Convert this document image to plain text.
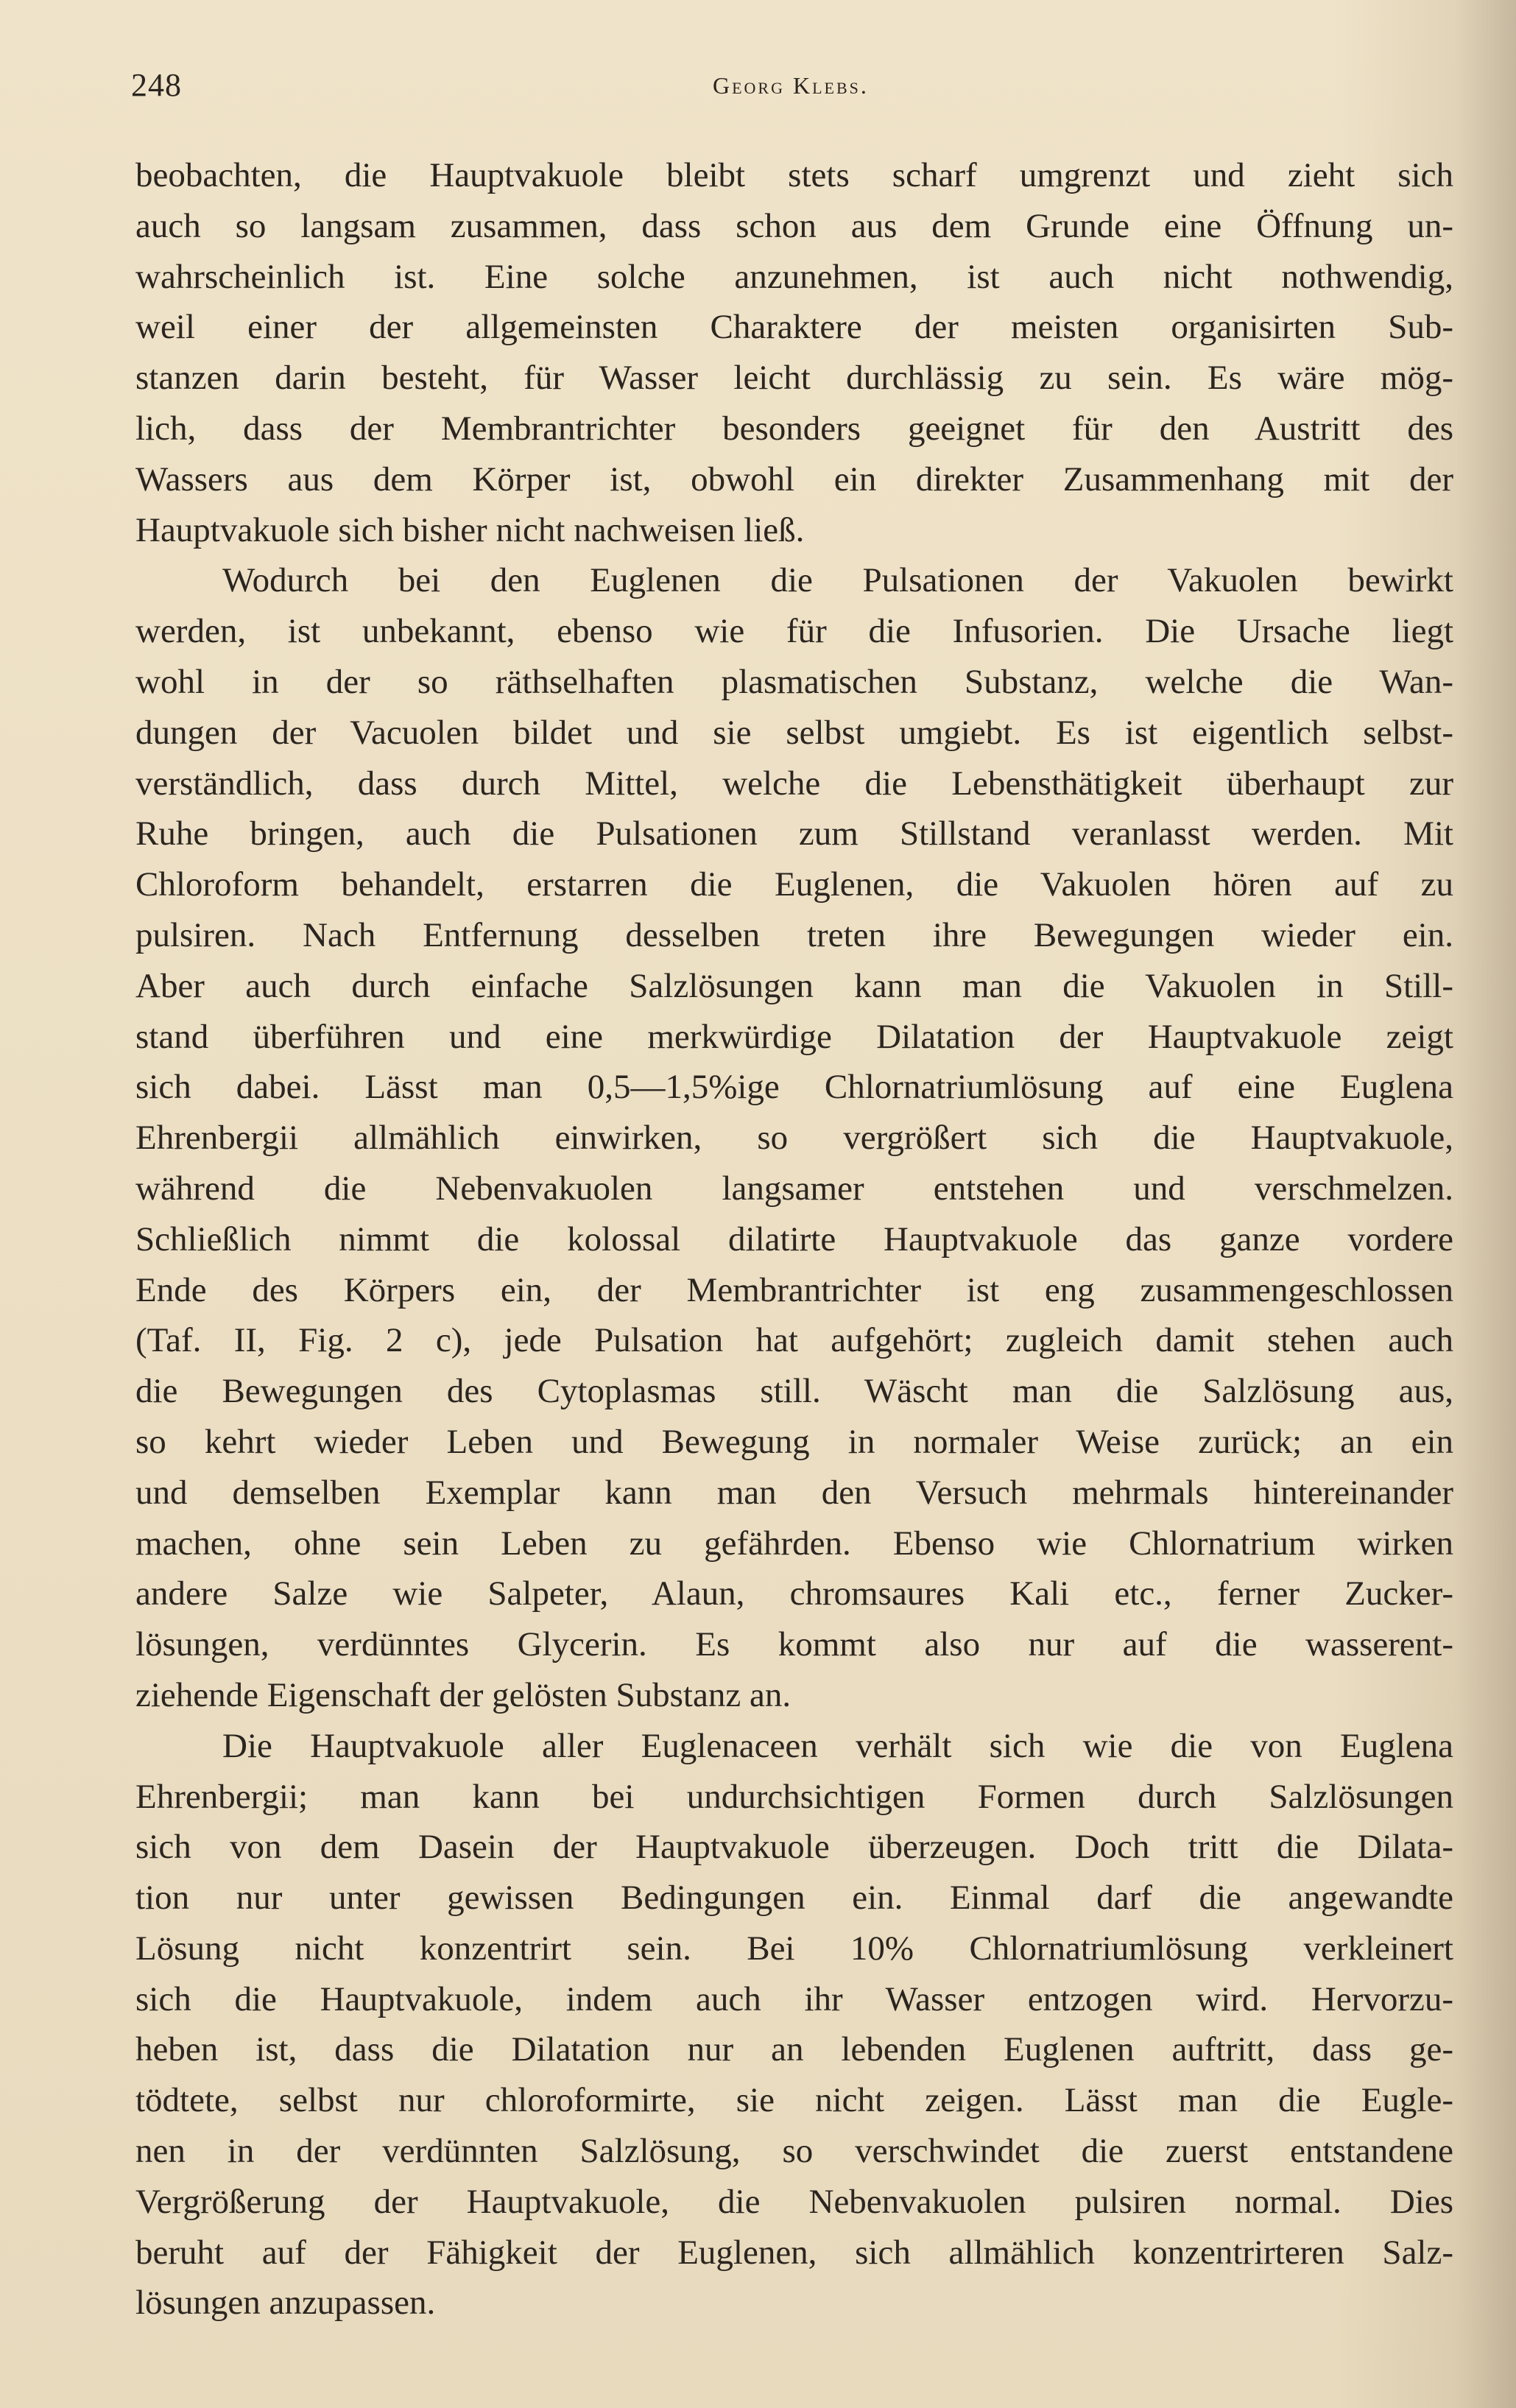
248	Georg Klebs.
beobachten, die Hauptvakuole bleibt stets scharf umgrenzt und zieht sich
auch so langsam zusammen, dass schon aus dem Grunde eine Öffnung un-
wahrscheinlich ist. Eine solche anzunehmen, ist auch nicht nothwendig,
weil einer der allgemeinsten Charaktere der meisten organisirten Sub-
stanzen darin besteht, für Wasser leicht durchlässig zu sein. Es wäre mög-
lich, dass der Membrantrichter besonders geeignet für den Austritt des
Wassers aus dem Körper ist, obwohl ein direkter Zusammenhang mit der
Hauptvakuole sich bisher nicht nachweisen ließ.
Wodurch bei den Euglenen die Pulsationen der Vakuolen bewirkt
werden, ist unbekannt, ebenso wie für die Infusorien. Die Ursache liegt
wohl in der so räthselhaften plasmatischen Substanz, welche die Wan-
dungen der Vacuolen bildet und sie selbst umgiebt. Es ist eigentlich selbst-
verständlich, dass durch Mittel, welche die Lebensthätigkeit überhaupt zur
Ruhe bringen, auch die Pulsationen zum Stillstand veranlasst werden. Mit
Chloroform behandelt, erstarren die Euglenen, die Vakuolen hören auf zu
pulsiren. Nach Entfernung desselben treten ihre Bewegungen wieder ein.
Aber auch durch einfache Salzlösungen kann man die Vakuolen in Still-
stand überführen und eine merkwürdige Dilatation der Hauptvakuole zeigt
sich dabei. Lässt man 0,5—1,5%ige Chlornatriumlösung auf eine Euglena
Ehrenbergii allmählich einwirken, so vergrößert sich die Hauptvakuole,
während die Nebenvakuolen langsamer entstehen und verschmelzen.
Schließlich nimmt die kolossal dilatirte Hauptvakuole das ganze vordere
Ende des Körpers ein, der Membrantrichter ist eng zusammengeschlossen
(Taf. II, Fig. 2 c), jede Pulsation hat aufgehört; zugleich damit stehen auch
die Bewegungen des Cytoplasmas still. Wäscht man die Salzlösung aus,
so kehrt wieder Leben und Bewegung in normaler Weise zurück; an ein
und demselben Exemplar kann man den Versuch mehrmals hintereinander
machen, ohne sein Leben zu gefährden. Ebenso wie Chlornatrium wirken
andere Salze wie Salpeter, Alaun, chromsaures Kali etc., ferner Zucker-
lösungen, verdünntes Glycerin. Es kommt also nur auf die wasserent-
ziehende Eigenschaft der gelösten Substanz an.
Die Hauptvakuole aller Euglenaceen verhält sich wie die von Euglena
Ehrenbergii; man kann bei undurchsichtigen Formen durch Salzlösungen
sich von dem Dasein der Hauptvakuole überzeugen. Doch tritt die Dilata-
tion nur unter gewissen Bedingungen ein. Einmal darf die angewandte
Lösung nicht konzentrirt sein. Bei 10% Chlornatriumlösung verkleinert
sich die Hauptvakuole, indem auch ihr Wasser entzogen wird. Hervorzu-
heben ist, dass die Dilatation nur an lebenden Euglenen auftritt, dass ge-
tödtete, selbst nur chloroformirte, sie nicht zeigen. Lässt man die Eugle-
nen in der verdünnten Salzlösung, so verschwindet die zuerst entstandene
Vergrößerung der Hauptvakuole, die Nebenvakuolen pulsiren normal. Dies
beruht auf der Fähigkeit der Euglenen, sich allmählich konzentrirteren Salz-
lösungen anzupassen.
